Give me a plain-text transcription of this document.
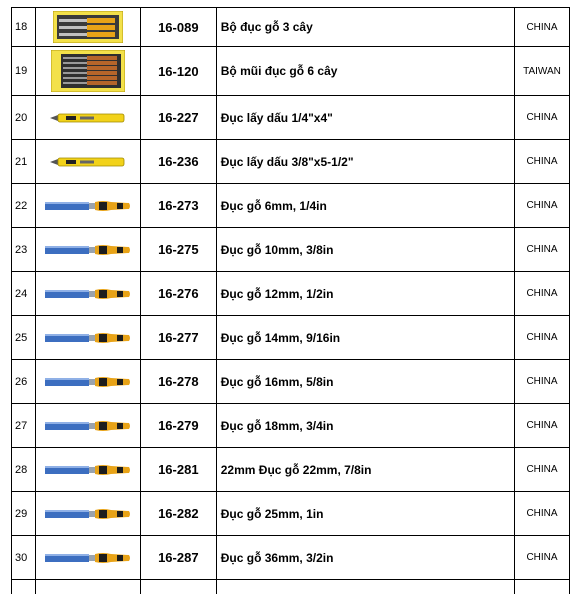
18		16-089	Bộ đục gỗ 3 cây	CHINA
19		16-120	Bộ mũi đục gỗ 6 cây	TAIWAN
20		16-227	Đục lấy dấu 1/4"x4"	CHINA
21		16-236	Đục lấy dấu 3/8"x5-1/2"	CHINA
22		16-273	Đục gỗ 6mm, 1/4in	CHINA
23		16-275	Đục gỗ 10mm, 3/8in	CHINA
24		16-276	Đục gỗ 12mm, 1/2in	CHINA
25		16-277	Đục gỗ 14mm, 9/16in	CHINA
26		16-278	Đục gỗ 16mm, 5/8in	CHINA
27		16-279	Đục gỗ 18mm, 3/4in	CHINA
28		16-281	22mm Đục gỗ 22mm, 7/8in	CHINA
29		16-282	Đục gỗ 25mm, 1in	CHINA
30		16-287	Đục gỗ 36mm, 3/2in	CHINA
